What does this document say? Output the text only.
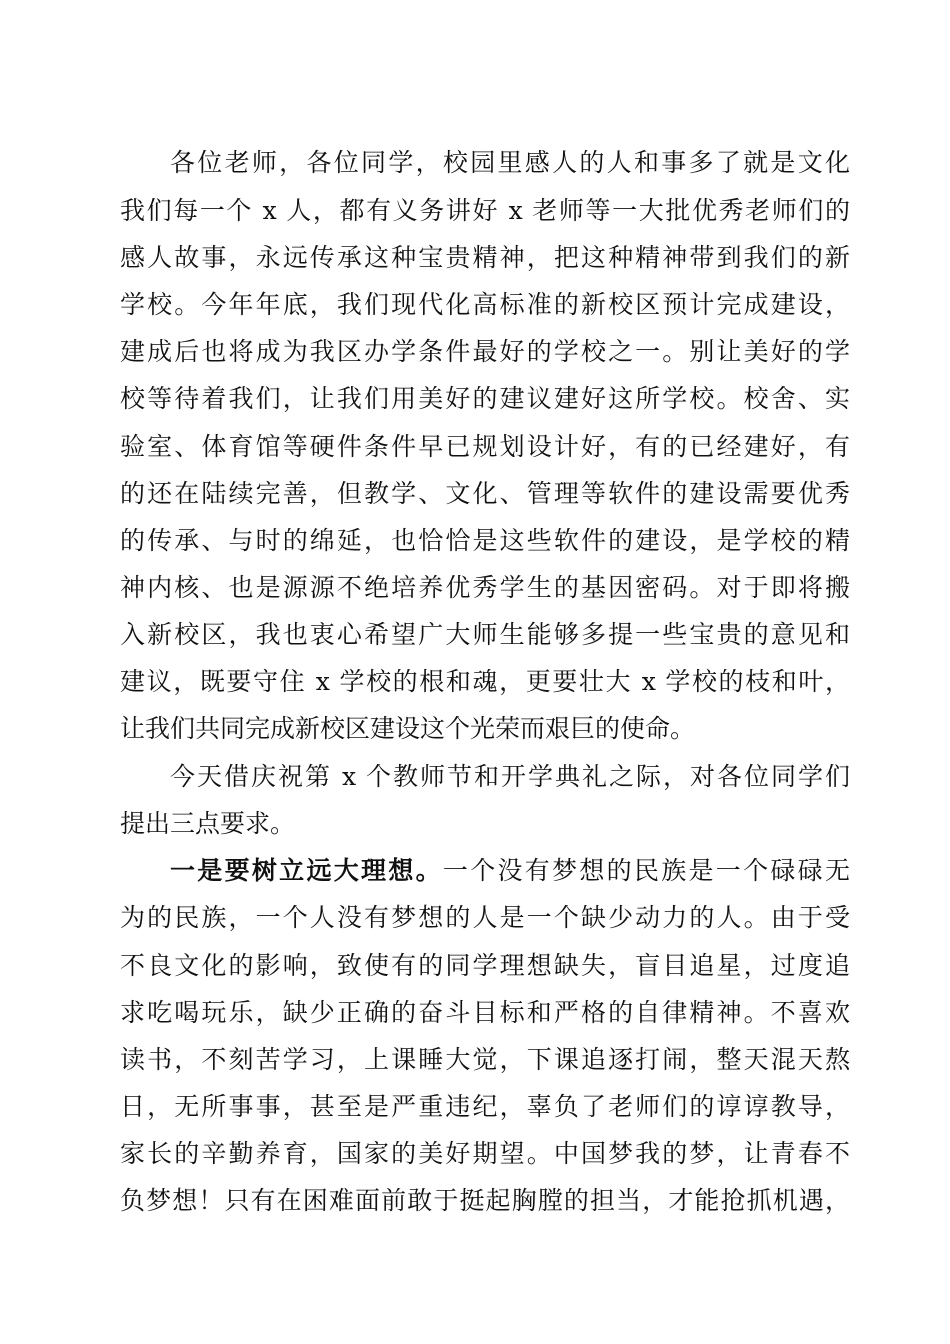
各位老师，各位同学，校园里感人的人和事多了就是文化
我们每一个 x 人，都有义务讲好 x 老师等一大批优秀老师们的
感人故事，永远传承这种宝贵精神，把这种精神带到我们的新
学校。今年年底，我们现代化高标准的新校区预计完成建设，
建成后也将成为我区办学条件最好的学校之一。别让美好的学
校等待着我们，让我们用美好的建议建好这所学校。校舍、实
验室、体育馆等硬件条件早已规划设计好，有的已经建好，有
的还在陆续完善，但教学、文化、管理等软件的建设需要优秀
的传承、与时的绵延，也恰恰是这些软件的建设，是学校的精
神内核、也是源源不绝培养优秀学生的基因密码。对于即将搬
入新校区，我也衷心希望广大师生能够多提一些宝贵的意见和
建议，既要守住 x 学校的根和魂，更要壮大 x 学校的枝和叶，
让我们共同完成新校区建设这个光荣而艰巨的使命。
今天借庆祝第 x 个教师节和开学典礼之际，对各位同学们
提出三点要求。
一是要树立远大理想。一个没有梦想的民族是一个碌碌无
为的民族，一个人没有梦想的人是一个缺少动力的人。由于受
不良文化的影响，致使有的同学理想缺失，盲目追星，过度追
求吃喝玩乐，缺少正确的奋斗目标和严格的自律精神。不喜欢
读书，不刻苦学习，上课睡大觉，下课追逐打闹，整天混天熬
日，无所事事，甚至是严重违纪，辜负了老师们的谆谆教导，
家长的辛勤养育，国家的美好期望。中国梦我的梦，让青春不
负梦想！只有在困难面前敢于挺起胸膛的担当，才能抢抓机遇，
